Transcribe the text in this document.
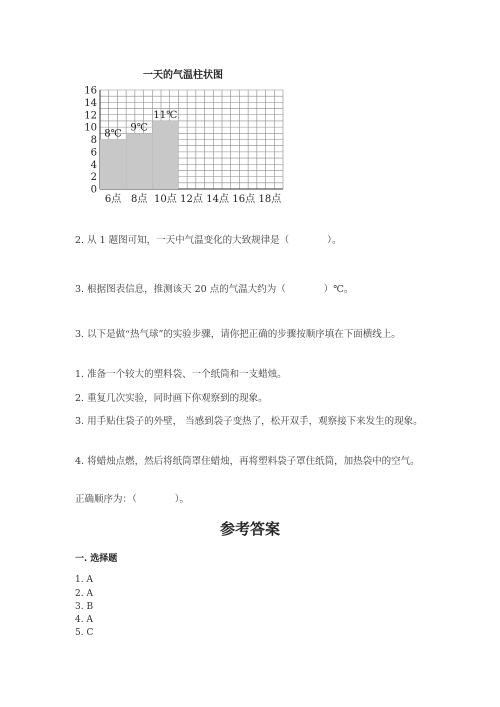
一天的气温柱状图
0
2
4
6
8
10
12
14
16
6点 8点 10点 12点 14点 16点 18点
8℃
9℃
11℃
2. 从 1 题图可知，一天中气温变化的大致规律是（　　　　）。
3. 根据图表信息，推测该天 20 点的气温大约为（　　　　）℃。
3. 以下是做“热气球”的实验步骤，请你把正确的步骤按顺序填在下面横线上。
1. 准备一个较大的塑料袋、一个纸筒和一支蜡烛。
2. 重复几次实验，同时画下你观察到的现象。
3. 用手贴住袋子的外壁， 当感到袋子变热了，松开双手，观察接下来发生的现象。
4. 将蜡烛点燃，然后将纸筒罩住蜡烛，再将塑料袋子罩住纸筒，加热袋中的空气。
正确顺序为：（　　　　）。
参考答案
一. 选择题
1. A
2. A
3. B
4. A
5. C
